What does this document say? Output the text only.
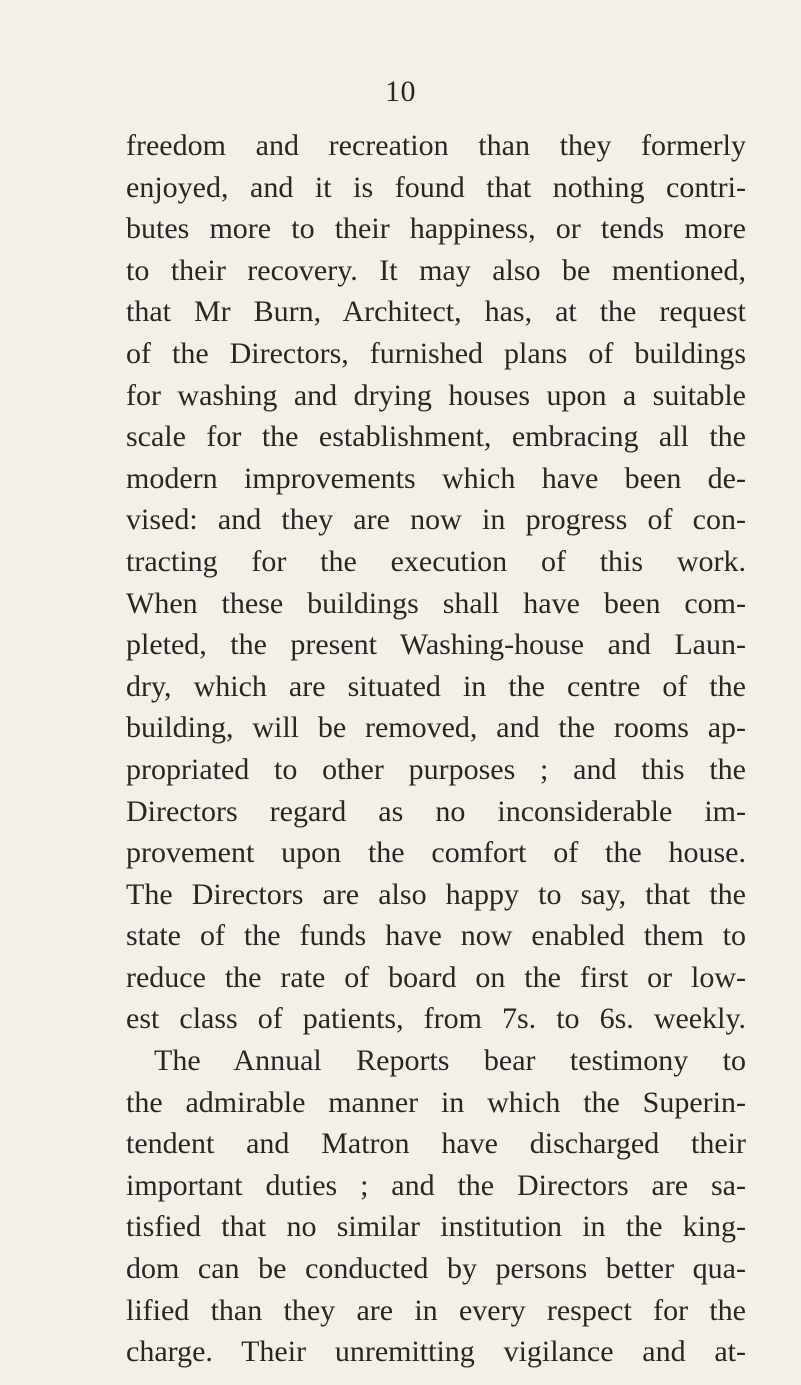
10
freedom and recreation than they formerly
enjoyed, and it is found that nothing contri-
butes more to their happiness, or tends more
to their recovery. It may also be mentioned,
that Mr Burn, Architect, has, at the request
of the Directors, furnished plans of buildings
for washing and drying houses upon a suitable
scale for the establishment, embracing all the
modern improvements which have been de-
vised: and they are now in progress of con-
tracting for the execution of this work.
When these buildings shall have been com-
pleted, the present Washing-house and Laun-
dry, which are situated in the centre of the
building, will be removed, and the rooms ap-
propriated to other purposes ; and this the
Directors regard as no inconsiderable im-
provement upon the comfort of the house.
The Directors are also happy to say, that the
state of the funds have now enabled them to
reduce the rate of board on the first or low-
est class of patients, from 7s. to 6s. weekly.
The Annual Reports bear testimony to
the admirable manner in which the Superin-
tendent and Matron have discharged their
important duties ; and the Directors are sa-
tisfied that no similar institution in the king-
dom can be conducted by persons better qua-
lified than they are in every respect for the
charge. Their unremitting vigilance and at-
